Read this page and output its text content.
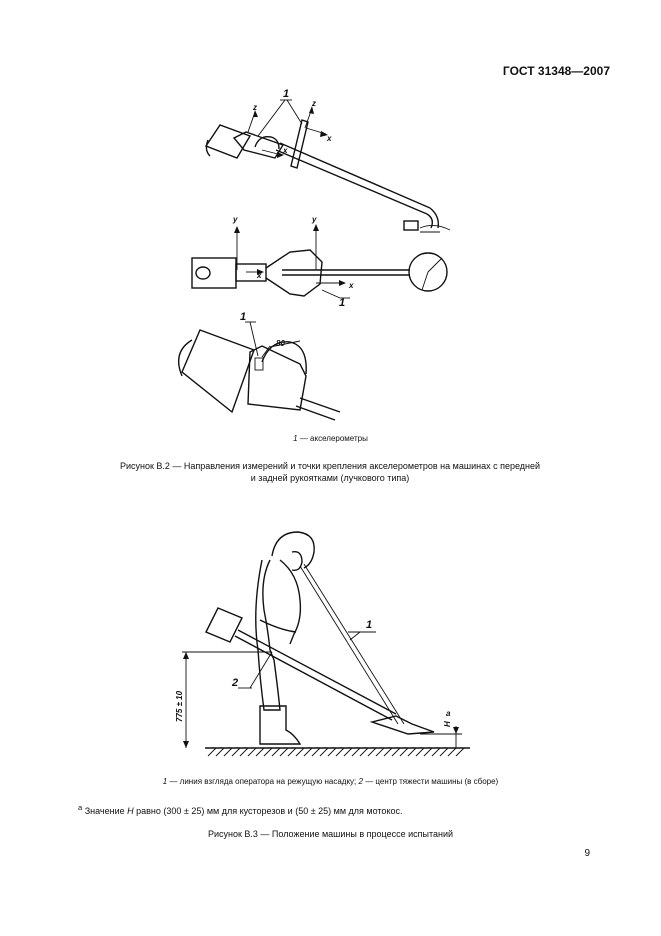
ГОСТ 31348—2007
1
z	z
x
x
1
y	y
x
x
1
80
1
2
775 ± 10
H
а
1 — акселерометры
Рисунок В.2 — Направления измерений и точки крепления акселерометров на машинах с передней
и задней рукоятками (лучкового типа)
1 — линия взгляда оператора на режущую насадку; 2 — центр тяжести машины (в сборе)
$^а$ Значение H равно (300 ± 25) мм для кусторезов и (50 ± 25) мм для мотокос.
Рисунок В.3 — Положение машины в процессе испытаний
9
